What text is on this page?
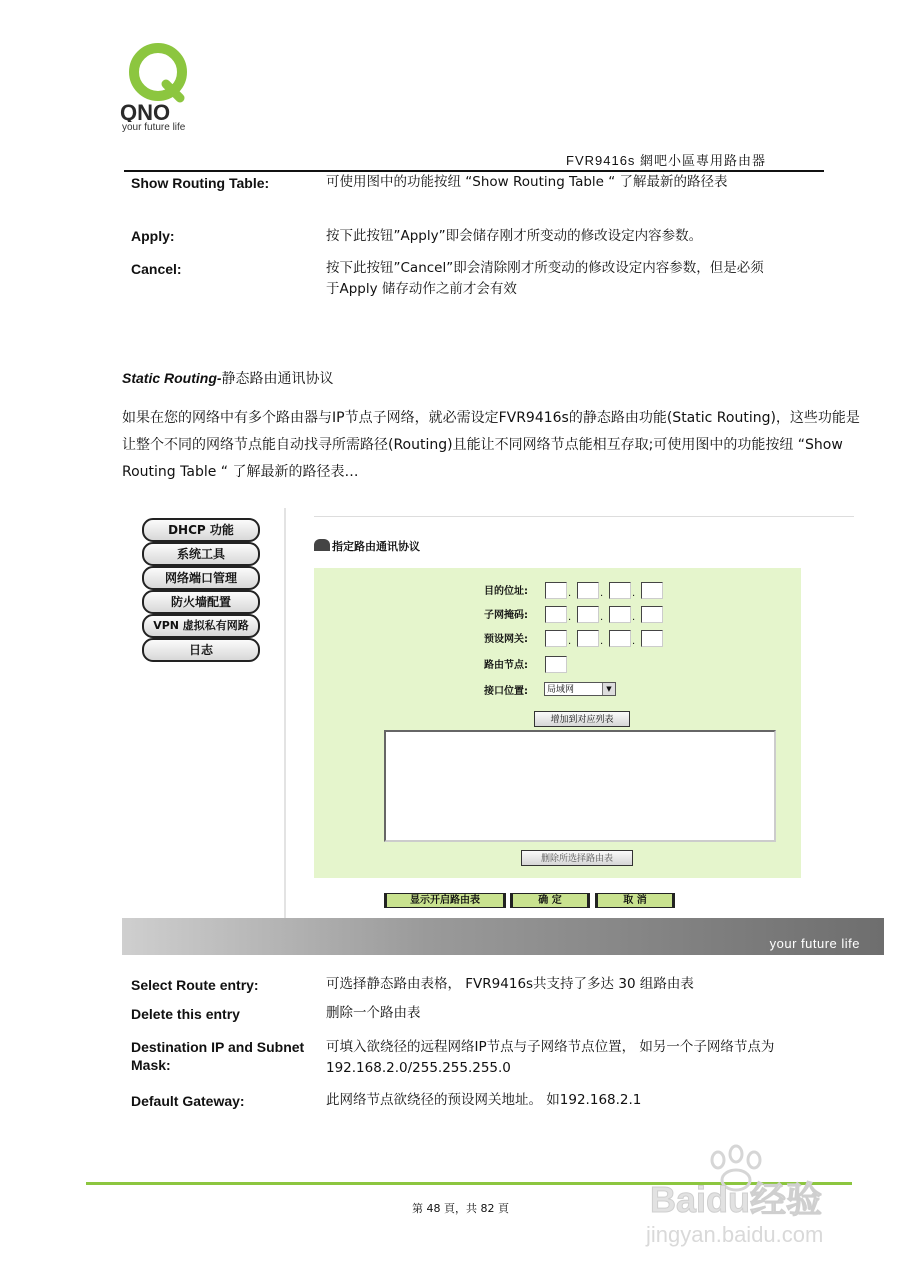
QNO
your future life
FVR9416s 網吧小區專用路由器
Show Routing Table:	可使用图中的功能按纽 “Show Routing Table “ 了解最新的路径表
Apply:	按下此按钮”Apply”即会储存刚才所变动的修改设定内容参数。
Cancel:	按下此按钮”Cancel”即会清除刚才所变动的修改设定内容参数，但是必须于Apply 储存动作之前才会有效
Static Routing-静态路由通讯协议
如果在您的网络中有多个路由器与IP节点子网络，就必需设定FVR9416s的静态路由功能(Static Routing)，这些功能是让整个不同的网络节点能自动找寻所需路径(Routing)且能让不同网络节点能相互存取;可使用图中的功能按纽 “Show Routing Table “ 了解最新的路径表…
DHCP 功能
系统工具
网络端口管理
防火墙配置
VPN 虚拟私有网路
日志
指定路由通讯协议
目的位址:	.	.	.
子网掩码:	.	.	.
预设网关:	.	.	.
路由节点:
接口位置:	局域网	▼
增加到对应列表
删除所选择路由表
显示开启路由表	确 定	取 消
your future life
Select Route entry:	可选择静态路由表格， FVR9416s共支持了多达 30 组路由表
Delete this entry	删除一个路由表
Destination IP and Subnet Mask:
可填入欲绕径的远程网络IP节点与子网络节点位置， 如另一个子网络节点为192.168.2.0/255.255.255.0
Default Gateway:	此网络节点欲绕径的预设网关地址。 如192.168.2.1
第 48 頁，共 82 頁	Baidu经验
jingyan.baidu.com
